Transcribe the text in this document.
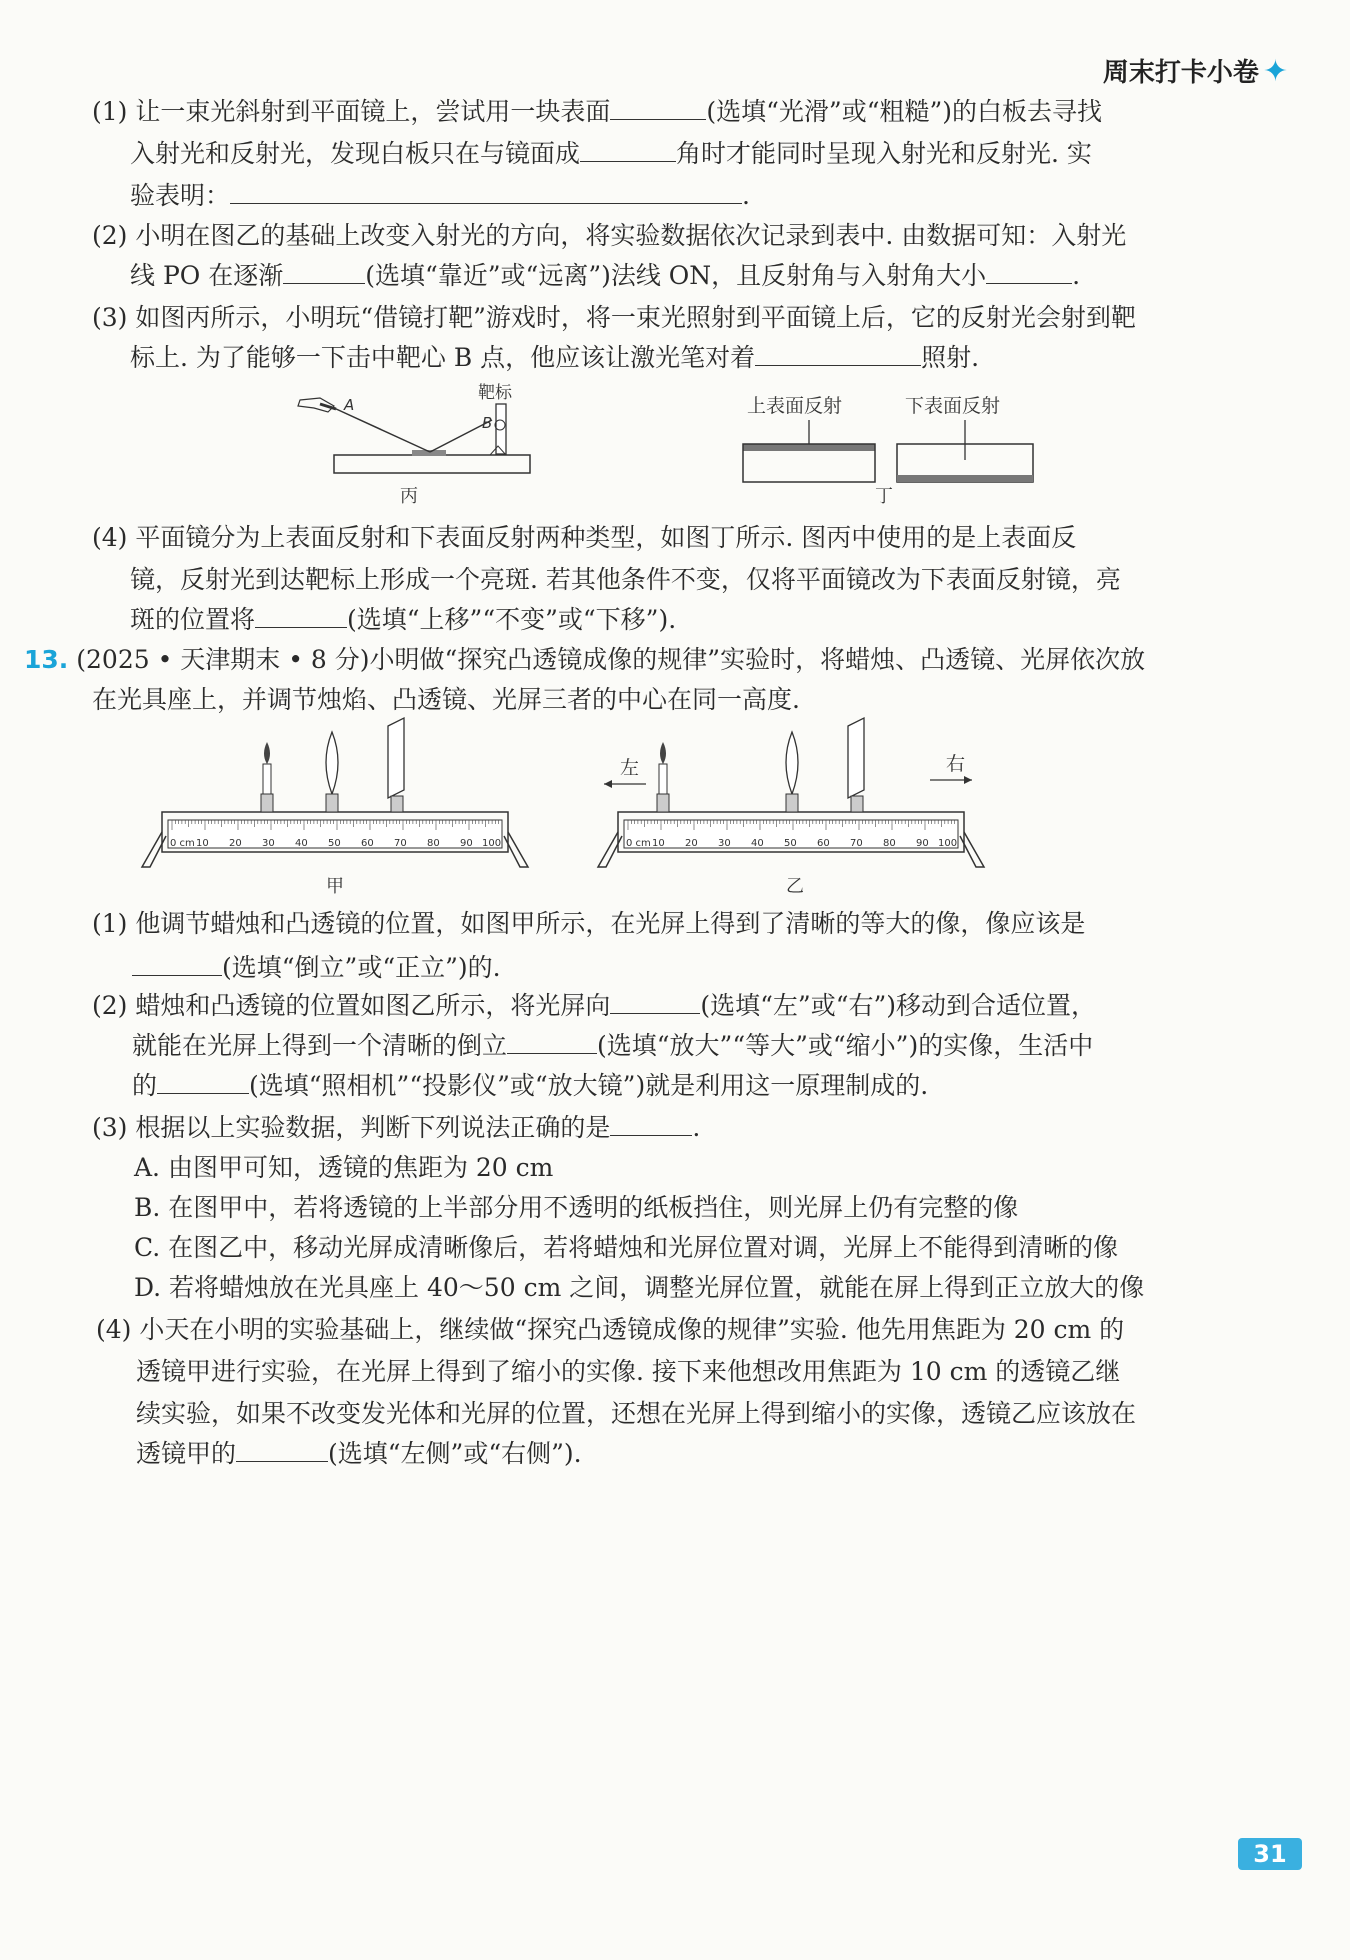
周末打卡小卷 ✦
(1) 让一束光斜射到平面镜上，尝试用一块表面	(选填“光滑”或“粗糙”)的白板去寻找
入射光和反射光，发现白板只在与镜面成	角时才能同时呈现入射光和反射光. 实
验表明：	.
(2) 小明在图乙的基础上改变入射光的方向，将实验数据依次记录到表中. 由数据可知：入射光
线 PO 在逐渐	(选填“靠近”或“远离”)法线 ON，且反射角与入射角大小	.
(3) 如图丙所示，小明玩“借镜打靶”游戏时，将一束光照射到平面镜上后，它的反射光会射到靶
标上. 为了能够一下击中靶心 B 点，他应该让激光笔对着	照射.
A
B
靶标
丙
上表面反射	下表面反射
丁
(4) 平面镜分为上表面反射和下表面反射两种类型，如图丁所示. 图丙中使用的是上表面反
镜，反射光到达靶标上形成一个亮斑. 若其他条件不变，仅将平面镜改为下表面反射镜，亮
斑的位置将	(选填“上移”“不变”或“下移”).
13. (2025 • 天津期末 • 8 分)小明做“探究凸透镜成像的规律”实验时，将蜡烛、凸透镜、光屏依次放
在光具座上，并调节烛焰、凸透镜、光屏三者的中心在同一高度.
0 cm 10 20 30 40 50 60 70 80 90 100
甲
0 cm 10 20 30 40 50 60 70 80 90 100
左	右
乙
(1) 他调节蜡烛和凸透镜的位置，如图甲所示，在光屏上得到了清晰的等大的像，像应该是
(选填“倒立”或“正立”)的.
(2) 蜡烛和凸透镜的位置如图乙所示，将光屏向	(选填“左”或“右”)移动到合适位置，
就能在光屏上得到一个清晰的倒立	(选填“放大”“等大”或“缩小”)的实像，生活中
的	(选填“照相机”“投影仪”或“放大镜”)就是利用这一原理制成的.
(3) 根据以上实验数据，判断下列说法正确的是	.
A. 由图甲可知，透镜的焦距为 20 cm
B. 在图甲中，若将透镜的上半部分用不透明的纸板挡住，则光屏上仍有完整的像
C. 在图乙中，移动光屏成清晰像后，若将蜡烛和光屏位置对调，光屏上不能得到清晰的像
D. 若将蜡烛放在光具座上 40～50 cm 之间，调整光屏位置，就能在屏上得到正立放大的像
(4) 小天在小明的实验基础上，继续做“探究凸透镜成像的规律”实验. 他先用焦距为 20 cm 的
透镜甲进行实验，在光屏上得到了缩小的实像. 接下来他想改用焦距为 10 cm 的透镜乙继
续实验，如果不改变发光体和光屏的位置，还想在光屏上得到缩小的实像，透镜乙应该放在
透镜甲的	(选填“左侧”或“右侧”).
31
